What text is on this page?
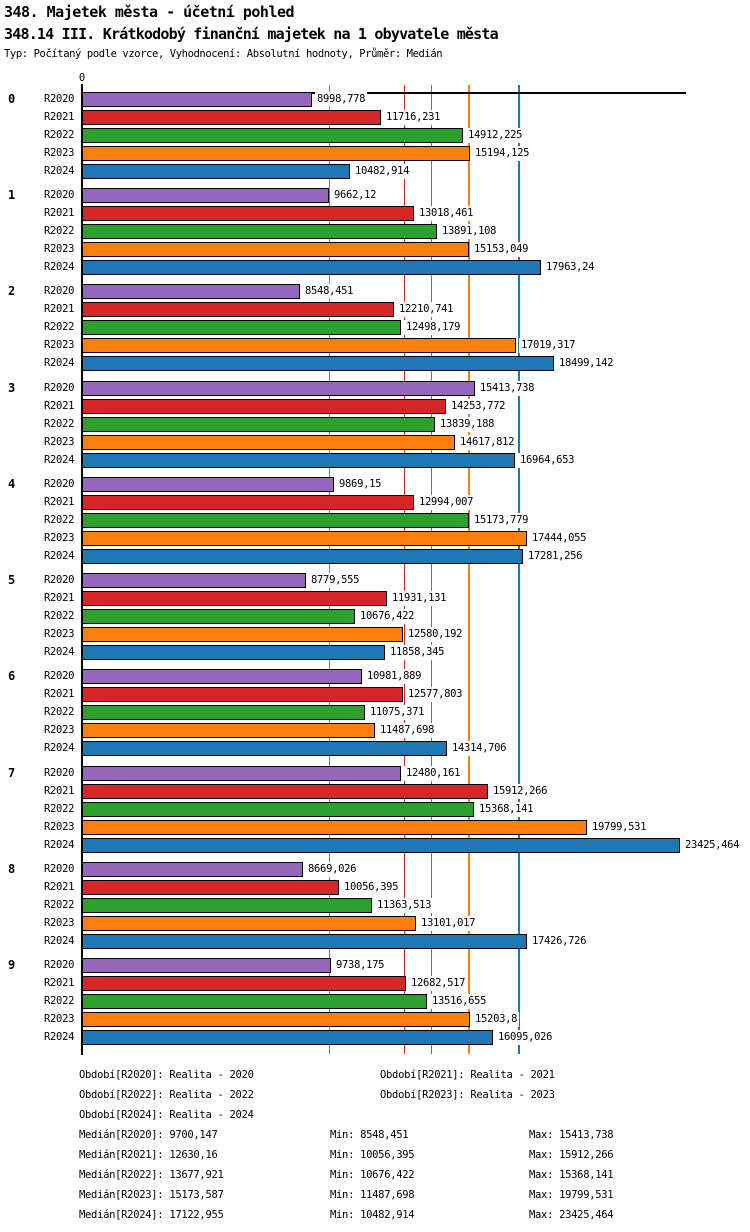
348. Majetek města - účetní pohled
348.14 III. Krátkodobý finanční majetek na 1 obyvatele města
Typ: Počítaný podle vzorce, Vyhodnocení: Absolutní hodnoty, Průměr: Medián
0
0	R2020	8998,778
R2021	11716,231
R2022	14912,225
R2023	15194,125
R2024	10482,914
1	R2020	9662,12
R2021	13018,461
R2022	13891,108
R2023	15153,049
R2024	17963,24
2	R2020	8548,451
R2021	12210,741
R2022	12498,179
R2023	17019,317
R2024	18499,142
3	R2020	15413,738
R2021	14253,772
R2022	13839,188
R2023	14617,812
R2024	16964,653
4	R2020	9869,15
R2021	12994,007
R2022	15173,779
R2023	17444,055
R2024	17281,256
5	R2020	8779,555
R2021	11931,131
R2022	10676,422
R2023	12580,192
R2024	11858,345
6	R2020	10981,889
R2021	12577,803
R2022	11075,371
R2023	11487,698
R2024	14314,706
7	R2020	12480,161
R2021	15912,266
R2022	15368,141
R2023	19799,531
R2024	23425,464
8	R2020	8669,026
R2021	10056,395
R2022	11363,513
R2023	13101,017
R2024	17426,726
9	R2020	9738,175
R2021	12682,517
R2022	13516,655
R2023	15203,8
R2024	16095,026
Období[R2020]: Realita - 2020	Období[R2021]: Realita - 2021
Období[R2022]: Realita - 2022	Období[R2023]: Realita - 2023
Období[R2024]: Realita - 2024
Medián[R2020]: 9700,147	Min: 8548,451	Max: 15413,738
Medián[R2021]: 12630,16	Min: 10056,395	Max: 15912,266
Medián[R2022]: 13677,921	Min: 10676,422	Max: 15368,141
Medián[R2023]: 15173,587	Min: 11487,698	Max: 19799,531
Medián[R2024]: 17122,955	Min: 10482,914	Max: 23425,464
